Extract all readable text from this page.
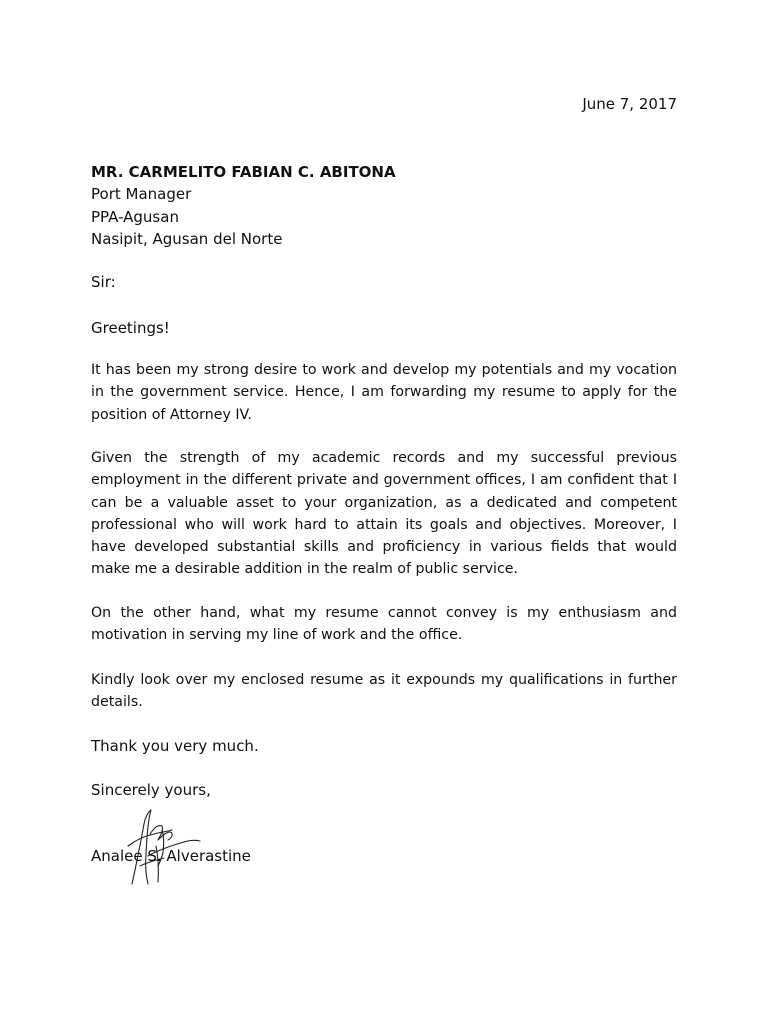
June 7, 2017
MR. CARMELITO FABIAN C. ABITONA
Port Manager
PPA-Agusan
Nasipit, Agusan del Norte
Sir:
Greetings!
It has been my strong desire to work and develop my potentials and my vocation in the government service. Hence, I am forwarding my resume to apply for the position of Attorney IV.
Given the strength of my academic records and my successful previous employment in the different private and government offices, I am confident that I can be a valuable asset to your organization, as a dedicated and competent professional who will work hard to attain its goals and objectives. Moreover, I have developed substantial skills and proficiency in various fields that would make me a desirable addition in the realm of public service.
On the other hand, what my resume cannot convey is my enthusiasm and motivation in serving my line of work and the office.
Kindly look over my enclosed resume as it expounds my qualifications in further details.
Thank you very much.
Sincerely yours,
Analee S. Alverastine
